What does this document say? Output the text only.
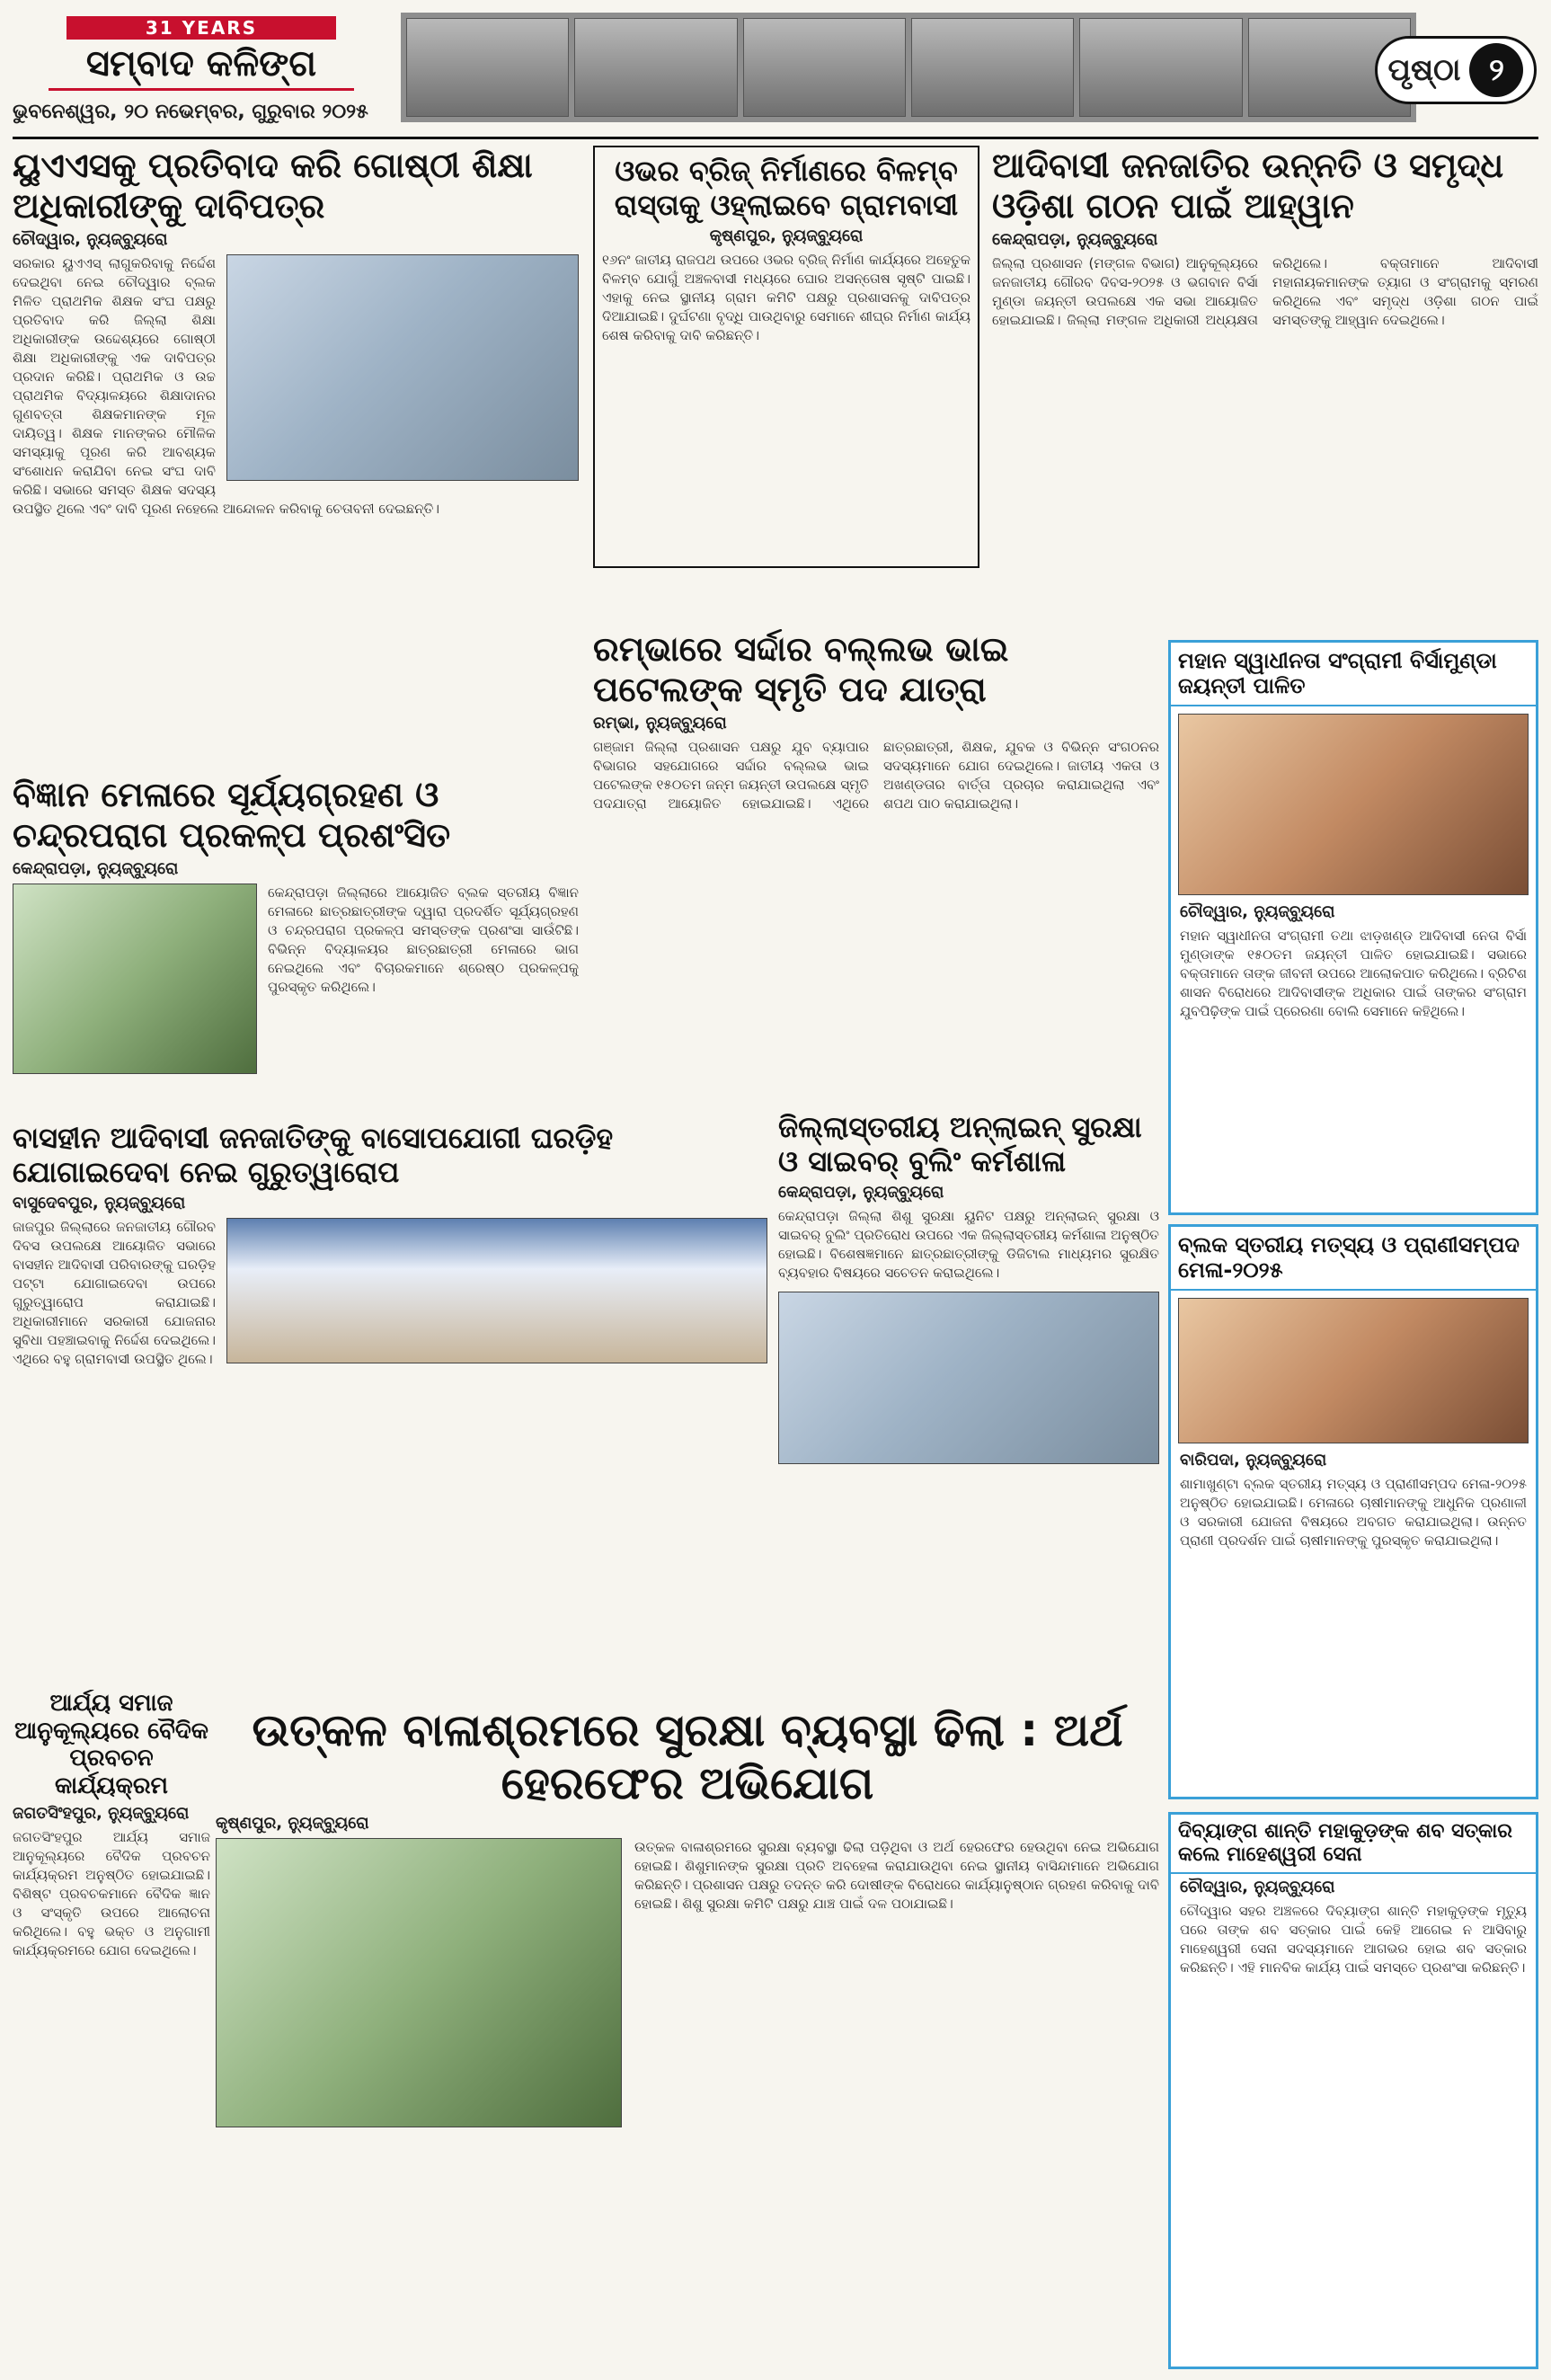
31 YEARS
ସମ୍ବାଦ କଳିଙ୍ଗ
ଭୁବନେଶ୍ୱର, ୨୦ ନଭେମ୍ବର, ଗୁରୁବାର ୨୦୨୫
ପୃଷ୍ଠା ୨
ୟୁଏଏସକୁ ପ୍ରତିବାଦ କରି ଗୋଷ୍ଠୀ ଶିକ୍ଷା ଅଧିକାରୀଙ୍କୁ ଦାବିପତ୍ର
ଚୌଦ୍ୱାର, ନ୍ୟୁଜ୍‌ବ୍ୟୁରୋ
ସରକାର ୟୁଏଏସ୍ ଲାଗୁକରିବାକୁ ନିର୍ଦ୍ଦେଶ ଦେଇଥିବା ନେଇ ଚୌଦ୍ୱାର ବ୍ଲକ ମିଳିତ ପ୍ରାଥମିକ ଶିକ୍ଷକ ସଂଘ ପକ୍ଷରୁ ପ୍ରତିବାଦ କରି ଜିଲ୍ଲା ଶିକ୍ଷା ଅଧିକାରୀଙ୍କ ଉଦ୍ଦେଶ୍ୟରେ ଗୋଷ୍ଠୀ ଶିକ୍ଷା ଅଧିକାରୀଙ୍କୁ ଏକ ଦାବିପତ୍ର ପ୍ରଦାନ କରିଛି। ପ୍ରାଥମିକ ଓ ଉଚ୍ଚ ପ୍ରାଥମିକ ବିଦ୍ୟାଳୟରେ ଶିକ୍ଷାଦାନର ଗୁଣବତ୍ତା ଶିକ୍ଷକମାନଙ୍କ ମୂଳ ଦାୟିତ୍ୱ। ଶିକ୍ଷକ ମାନଙ୍କର ମୌଳିକ ସମସ୍ୟାକୁ ପୂରଣ କରି ଆବଶ୍ୟକ ସଂଶୋଧନ କରାଯିବା ନେଇ ସଂଘ ଦାବି କରିଛି। ସଭାରେ ସମସ୍ତ ଶିକ୍ଷକ ସଦସ୍ୟ ଉପସ୍ଥିତ ଥିଲେ ଏବଂ ଦାବି ପୂରଣ ନହେଲେ ଆନ୍ଦୋଳନ କରିବାକୁ ଚେତାବନୀ ଦେଇଛନ୍ତି।
ଓଭର ବ୍ରିଜ୍ ନିର୍ମାଣରେ ବିଳମ୍ବ ରାସ୍ତାକୁ ଓହ୍ଲାଇବେ ଗ୍ରାମବାସୀ
କୃଷ୍ଣପୁର, ନ୍ୟୁଜ୍‌ବ୍ୟୁରୋ
୧୬ନଂ ଜାତୀୟ ରାଜପଥ ଉପରେ ଓଭର ବ୍ରିଜ୍ ନିର୍ମାଣ କାର୍ଯ୍ୟରେ ଅହେତୁକ ବିଳମ୍ବ ଯୋଗୁଁ ଅଞ୍ଚଳବାସୀ ମଧ୍ୟରେ ଘୋର ଅସନ୍ତୋଷ ସୃଷ୍ଟି ପାଇଛି। ଏହାକୁ ନେଇ ସ୍ଥାନୀୟ ଗ୍ରାମ କମିଟି ପକ୍ଷରୁ ପ୍ରଶାସନକୁ ଦାବିପତ୍ର ଦିଆଯାଇଛି। ଦୁର୍ଘଟଣା ବୃଦ୍ଧି ପାଉଥିବାରୁ ସେମାନେ ଶୀଘ୍ର ନିର୍ମାଣ କାର୍ଯ୍ୟ ଶେଷ କରିବାକୁ ଦାବି କରିଛନ୍ତି।
ଆଦିବାସୀ ଜନଜାତିର ଉନ୍ନତି ଓ ସମୃଦ୍ଧ ଓଡ଼ିଶା ଗଠନ ପାଇଁ ଆହ୍ୱାନ
କେନ୍ଦ୍ରାପଡ଼ା, ନ୍ୟୁଜ୍‌ବ୍ୟୁରୋ
ଜିଲ୍ଲା ପ୍ରଶାସନ (ମଙ୍ଗଳ ବିଭାଗ) ଆନୁକୂଲ୍ୟରେ ଜନଜାତୀୟ ଗୌରବ ଦିବସ-୨୦୨୫ ଓ ଭଗବାନ ବିର୍ସା ମୁଣ୍ଡା ଜୟନ୍ତୀ ଉପଲକ୍ଷେ ଏକ ସଭା ଆୟୋଜିତ ହୋଇଯାଇଛି। ଜିଲ୍ଲା ମଙ୍ଗଳ ଅଧିକାରୀ ଅଧ୍ୟକ୍ଷତା କରିଥିଲେ। ବକ୍ତାମାନେ ଆଦିବାସୀ ମହାନାୟକମାନଙ୍କ ତ୍ୟାଗ ଓ ସଂଗ୍ରାମକୁ ସ୍ମରଣ କରିଥିଲେ ଏବଂ ସମୃଦ୍ଧ ଓଡ଼ିଶା ଗଠନ ପାଇଁ ସମସ୍ତଙ୍କୁ ଆହ୍ୱାନ ଦେଇଥିଲେ।
ରମ୍ଭାରେ ସର୍ଦ୍ଦାର ବଲ୍ଲଭ ଭାଇ ପଟେଲଙ୍କ ସ୍ମୃତି ପଦ ଯାତ୍ରା
ରମ୍ଭା, ନ୍ୟୁଜ୍‌ବ୍ୟୁରୋ
ଗଞ୍ଜାମ ଜିଲ୍ଲା ପ୍ରଶାସନ ପକ୍ଷରୁ ଯୁବ ବ୍ୟାପାର ବିଭାଗର ସହଯୋଗରେ ସର୍ଦ୍ଦାର ବଲ୍ଲଭ ଭାଇ ପଟେଲଙ୍କ ୧୫୦ତମ ଜନ୍ମ ଜୟନ୍ତୀ ଉପଲକ୍ଷେ ସ୍ମୃତି ପଦଯାତ୍ରା ଆୟୋଜିତ ହୋଇଯାଇଛି। ଏଥିରେ ଛାତ୍ରଛାତ୍ରୀ, ଶିକ୍ଷକ, ଯୁବକ ଓ ବିଭିନ୍ନ ସଂଗଠନର ସଦସ୍ୟମାନେ ଯୋଗ ଦେଇଥିଲେ। ଜାତୀୟ ଏକତା ଓ ଅଖଣ୍ଡତାର ବାର୍ତ୍ତା ପ୍ରଚାର କରାଯାଇଥିଲା ଏବଂ ଶପଥ ପାଠ କରାଯାଇଥିଲା।
ମହାନ ସ୍ୱାଧୀନତା ସଂଗ୍ରାମୀ ବିର୍ସାମୁଣ୍ଡା ଜୟନ୍ତୀ ପାଳିତ
ଚୌଦ୍ୱାର, ନ୍ୟୁଜ୍‌ବ୍ୟୁରୋ
ମହାନ ସ୍ୱାଧୀନତା ସଂଗ୍ରାମୀ ତଥା ଝାଡ଼ଖଣ୍ଡ ଆଦିବାସୀ ନେତା ବିର୍ସା ମୁଣ୍ଡାଙ୍କ ୧୫୦ତମ ଜୟନ୍ତୀ ପାଳିତ ହୋଇଯାଇଛି। ସଭାରେ ବକ୍ତାମାନେ ତାଙ୍କ ଜୀବନୀ ଉପରେ ଆଲୋକପାତ କରିଥିଲେ। ବ୍ରିଟିଶ ଶାସନ ବିରୋଧରେ ଆଦିବାସୀଙ୍କ ଅଧିକାର ପାଇଁ ତାଙ୍କର ସଂଗ୍ରାମ ଯୁବପିଢ଼ିଙ୍କ ପାଇଁ ପ୍ରେରଣା ବୋଲି ସେମାନେ କହିଥିଲେ।
ବିଜ୍ଞାନ ମେଳାରେ ସୂର୍ଯ୍ୟଗ୍ରହଣ ଓ ଚନ୍ଦ୍ରପରାଗ ପ୍ରକଳ୍ପ ପ୍ରଶଂସିତ
କେନ୍ଦ୍ରାପଡ଼ା, ନ୍ୟୁଜ୍‌ବ୍ୟୁରୋ
କେନ୍ଦ୍ରାପଡ଼ା ଜିଲ୍ଲାରେ ଆୟୋଜିତ ବ୍ଲକ ସ୍ତରୀୟ ବିଜ୍ଞାନ ମେଳାରେ ଛାତ୍ରଛାତ୍ରୀଙ୍କ ଦ୍ୱାରା ପ୍ରଦର୍ଶିତ ସୂର୍ଯ୍ୟଗ୍ରହଣ ଓ ଚନ୍ଦ୍ରପରାଗ ପ୍ରକଳ୍ପ ସମସ୍ତଙ୍କ ପ୍ରଶଂସା ସାଉଁଟିଛି। ବିଭିନ୍ନ ବିଦ୍ୟାଳୟର ଛାତ୍ରଛାତ୍ରୀ ମେଳାରେ ଭାଗ ନେଇଥିଲେ ଏବଂ ବିଚାରକମାନେ ଶ୍ରେଷ୍ଠ ପ୍ରକଳ୍ପକୁ ପୁରସ୍କୃତ କରିଥିଲେ।
ବାସହୀନ ଆଦିବାସୀ ଜନଜାତିଙ୍କୁ ବାସୋପଯୋଗୀ ଘରଡ଼ିହ ଯୋଗାଇଦେବା ନେଇ ଗୁରୁତ୍ୱାରୋପ
ବାସୁଦେବପୁର, ନ୍ୟୁଜ୍‌ବ୍ୟୁରୋ
ଜାଜପୁର ଜିଲ୍ଲାରେ ଜନଜାତୀୟ ଗୌରବ ଦିବସ ଉପଲକ୍ଷେ ଆୟୋଜିତ ସଭାରେ ବାସହୀନ ଆଦିବାସୀ ପରିବାରଙ୍କୁ ଘରଡ଼ିହ ପଟ୍ଟା ଯୋଗାଇଦେବା ଉପରେ ଗୁରୁତ୍ୱାରୋପ କରାଯାଇଛି। ଅଧିକାରୀମାନେ ସରକାରୀ ଯୋଜନାର ସୁବିଧା ପହଞ୍ଚାଇବାକୁ ନିର୍ଦ୍ଦେଶ ଦେଇଥିଲେ। ଏଥିରେ ବହୁ ଗ୍ରାମବାସୀ ଉପସ୍ଥିତ ଥିଲେ।
ଜିଲ୍ଲାସ୍ତରୀୟ ଅନ୍‌ଲାଇନ୍ ସୁରକ୍ଷା ଓ ସାଇବର୍ ବୁଲିଂ କର୍ମଶାଳା
କେନ୍ଦ୍ରାପଡ଼ା, ନ୍ୟୁଜ୍‌ବ୍ୟୁରୋ
କେନ୍ଦ୍ରାପଡ଼ା ଜିଲ୍ଲା ଶିଶୁ ସୁରକ୍ଷା ୟୁନିଟ ପକ୍ଷରୁ ଅନ୍‌ଲାଇନ୍ ସୁରକ୍ଷା ଓ ସାଇବର୍ ବୁଲିଂ ପ୍ରତିରୋଧ ଉପରେ ଏକ ଜିଲ୍ଲାସ୍ତରୀୟ କର୍ମଶାଳା ଅନୁଷ୍ଠିତ ହୋଇଛି। ବିଶେଷଜ୍ଞମାନେ ଛାତ୍ରଛାତ୍ରୀଙ୍କୁ ଡିଜିଟାଲ ମାଧ୍ୟମର ସୁରକ୍ଷିତ ବ୍ୟବହାର ବିଷୟରେ ସଚେତନ କରାଇଥିଲେ।
ବ୍ଲକ ସ୍ତରୀୟ ମତ୍ସ୍ୟ ଓ ପ୍ରାଣୀସମ୍ପଦ ମେଳା-୨୦୨୫
ବାରିପଦା, ନ୍ୟୁଜ୍‌ବ୍ୟୁରୋ
ଶାମାଖୁଣ୍ଟା ବ୍ଲକ ସ୍ତରୀୟ ମତ୍ସ୍ୟ ଓ ପ୍ରାଣୀସମ୍ପଦ ମେଳା-୨୦୨୫ ଅନୁଷ୍ଠିତ ହୋଇଯାଇଛି। ମେଳାରେ ଚାଷୀମାନଙ୍କୁ ଆଧୁନିକ ପ୍ରଣାଳୀ ଓ ସରକାରୀ ଯୋଜନା ବିଷୟରେ ଅବଗତ କରାଯାଇଥିଲା। ଉନ୍ନତ ପ୍ରାଣୀ ପ୍ରଦର୍ଶନ ପାଇଁ ଚାଷୀମାନଙ୍କୁ ପୁରସ୍କୃତ କରାଯାଇଥିଲା।
ଆର୍ଯ୍ୟ ସମାଜ ଆନୁକୂଲ୍ୟରେ ବୈଦିକ ପ୍ରବଚନ କାର୍ଯ୍ୟକ୍ରମ
ଜଗତସିଂହପୁର, ନ୍ୟୁଜ୍‌ବ୍ୟୁରୋ
ଜଗତସିଂହପୁର ଆର୍ଯ୍ୟ ସମାଜ ଆନୁକୂଲ୍ୟରେ ବୈଦିକ ପ୍ରବଚନ କାର୍ଯ୍ୟକ୍ରମ ଅନୁଷ୍ଠିତ ହୋଇଯାଇଛି। ବିଶିଷ୍ଟ ପ୍ରବଚକମାନେ ବୈଦିକ ଜ୍ଞାନ ଓ ସଂସ୍କୃତି ଉପରେ ଆଲୋଚନା କରିଥିଲେ। ବହୁ ଭକ୍ତ ଓ ଅନୁଗାମୀ କାର୍ଯ୍ୟକ୍ରମରେ ଯୋଗ ଦେଇଥିଲେ।
ଉତ୍କଳ ବାଳାଶ୍ରମରେ ସୁରକ୍ଷା ବ୍ୟବସ୍ଥା ଢିଲା : ଅର୍ଥ ହେରଫେର ଅଭିଯୋଗ
କୃଷ୍ଣପୁର, ନ୍ୟୁଜ୍‌ବ୍ୟୁରୋ
ଉତ୍କଳ ବାଳାଶ୍ରମରେ ସୁରକ୍ଷା ବ୍ୟବସ୍ଥା ଢିଲା ପଡ଼ିଥିବା ଓ ଅର୍ଥ ହେରଫେର ହେଉଥିବା ନେଇ ଅଭିଯୋଗ ହୋଇଛି। ଶିଶୁମାନଙ୍କ ସୁରକ୍ଷା ପ୍ରତି ଅବହେଳା କରାଯାଉଥିବା ନେଇ ସ୍ଥାନୀୟ ବାସିନ୍ଦାମାନେ ଅଭିଯୋଗ କରିଛନ୍ତି। ପ୍ରଶାସନ ପକ୍ଷରୁ ତଦନ୍ତ କରି ଦୋଷୀଙ୍କ ବିରୋଧରେ କାର୍ଯ୍ୟାନୁଷ୍ଠାନ ଗ୍ରହଣ କରିବାକୁ ଦାବି ହୋଇଛି। ଶିଶୁ ସୁରକ୍ଷା କମିଟି ପକ୍ଷରୁ ଯାଞ୍ଚ ପାଇଁ ଦଳ ପଠାଯାଇଛି।
ଦିବ୍ୟାଙ୍ଗ ଶାନ୍ତି ମହାକୁଡ଼ଙ୍କ ଶବ ସତ୍କାର କଲେ ମାହେଶ୍ୱରୀ ସେନା
ଚୌଦ୍ୱାର, ନ୍ୟୁଜ୍‌ବ୍ୟୁରୋ
ଚୌଦ୍ୱାର ସହର ଅଞ୍ଚଳରେ ଦିବ୍ୟାଙ୍ଗ ଶାନ୍ତି ମହାକୁଡ଼ଙ୍କ ମୃତ୍ୟୁ ପରେ ତାଙ୍କ ଶବ ସତ୍କାର ପାଇଁ କେହି ଆଗେଇ ନ ଆସିବାରୁ ମାହେଶ୍ୱରୀ ସେନା ସଦସ୍ୟମାନେ ଆଗଭର ହୋଇ ଶବ ସତ୍କାର କରିଛନ୍ତି। ଏହି ମାନବିକ କାର୍ଯ୍ୟ ପାଇଁ ସମସ୍ତେ ପ୍ରଶଂସା କରିଛନ୍ତି।
